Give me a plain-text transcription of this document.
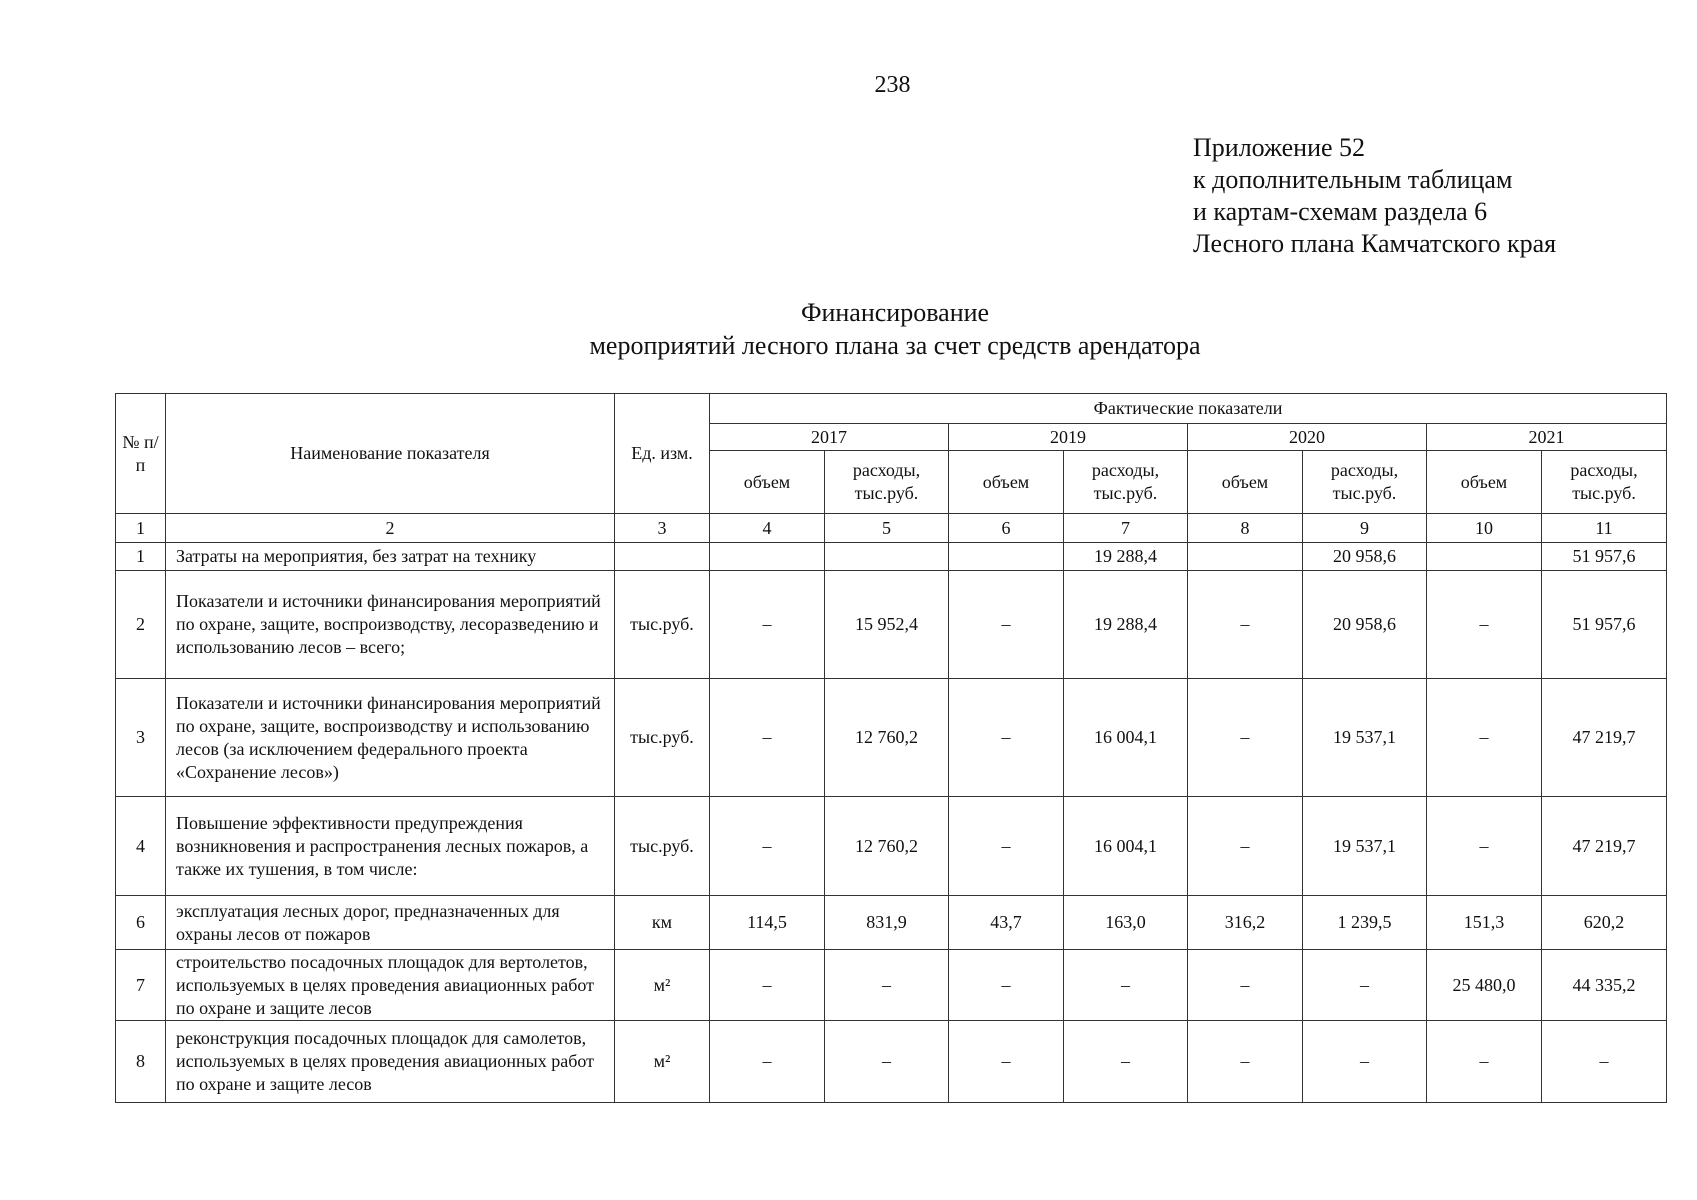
238
Приложение 52
к дополнительным таблицам
и картам-схемам раздела 6
Лесного плана Камчатского края
Финансирование
мероприятий лесного плана за счет средств арендатора
№ п/п	Наименование показателя	Ед. изм.	Фактические показатели							
			2017		2019		2020		2021	
			объем	расходы, тыс.руб.	объем	расходы, тыс.руб.	объем	расходы, тыс.руб.	объем	расходы, тыс.руб.
1	2	3	4	5	6	7	8	9	10	11
1	Затраты на мероприятия, без затрат на технику					19 288,4		20 958,6		51 957,6
2	Показатели и источники финансирования мероприятий по охране, защите, воспроизводству, лесоразведению и использованию лесов – всего;	тыс.руб.	–	15 952,4	–	19 288,4	–	20 958,6	–	51 957,6
3	Показатели и источники финансирования мероприятий по охране, защите, воспроизводству и использованию лесов (за исключением федерального проекта «Сохранение лесов»)	тыс.руб.	–	12 760,2	–	16 004,1	–	19 537,1	–	47 219,7
4	Повышение эффективности предупреждения возникновения и распространения лесных пожаров, а также их тушения, в том числе:	тыс.руб.	–	12 760,2	–	16 004,1	–	19 537,1	–	47 219,7
6	эксплуатация лесных дорог, предназначенных для охраны лесов от пожаров	км	114,5	831,9	43,7	163,0	316,2	1 239,5	151,3	620,2
7	строительство посадочных площадок для вертолетов, используемых в целях проведения авиационных работ по охране и защите лесов	м²	–	–	–	–	–	–	25 480,0	44 335,2
8	реконструкция посадочных площадок для самолетов, используемых в целях проведения авиационных работ по охране и защите лесов	м²	–	–	–	–	–	–	–	–
